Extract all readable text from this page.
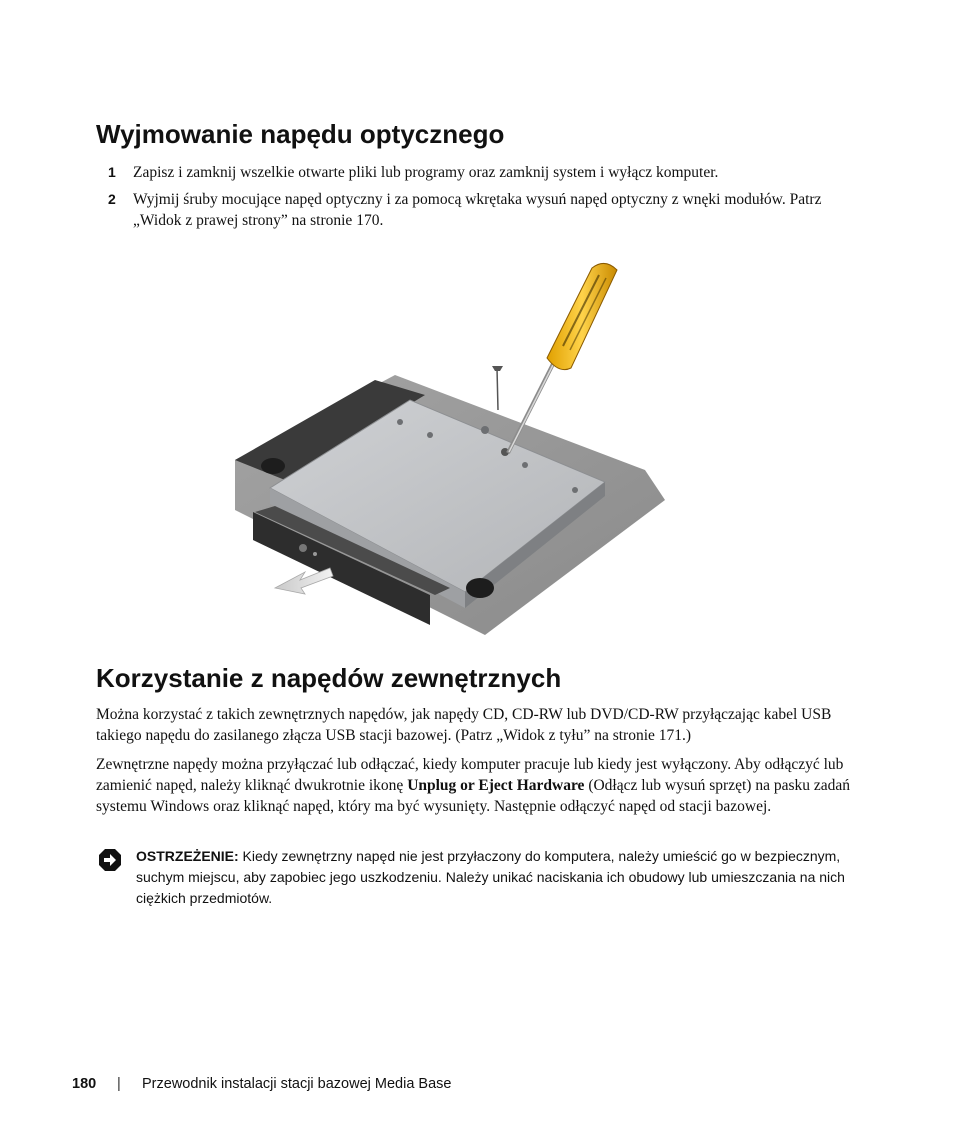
Wyjmowanie napędu optycznego
1 Zapisz i zamknij wszelkie otwarte pliki lub programy oraz zamknij system i wyłącz komputer.
2 Wyjmij śruby mocujące napęd optyczny i za pomocą wkrętaka wysuń napęd optyczny z wnęki modułów. Patrz „Widok z prawej strony” na stronie 170.
Korzystanie z napędów zewnętrznych

Można korzystać z takich zewnętrznych napędów, jak napędy CD, CD-RW lub DVD/CD-RW przyłączając kabel USB takiego napędu do zasilanego złącza USB stacji bazowej. (Patrz „Widok z tyłu” na stronie 171.)

Zewnętrzne napędy można przyłączać lub odłączać, kiedy komputer pracuje lub kiedy jest wyłączony. Aby odłączyć lub zamienić napęd, należy kliknąć dwukrotnie ikonę Unplug or Eject Hardware (Odłącz lub wysuń sprzęt) na pasku zadań systemu Windows oraz kliknąć napęd, który ma być wysunięty. Następnie odłączyć napęd od stacji bazowej.

OSTRZEŻENIE: Kiedy zewnętrzny napęd nie jest przyłaczony do komputera, należy umieścić go w bezpiecznym, suchym miejscu, aby zapobiec jego uszkodzeniu. Należy unikać naciskania ich obudowy lub umieszczania na nich ciężkich przedmiotów.
180 | Przewodnik instalacji stacji bazowej Media Base
